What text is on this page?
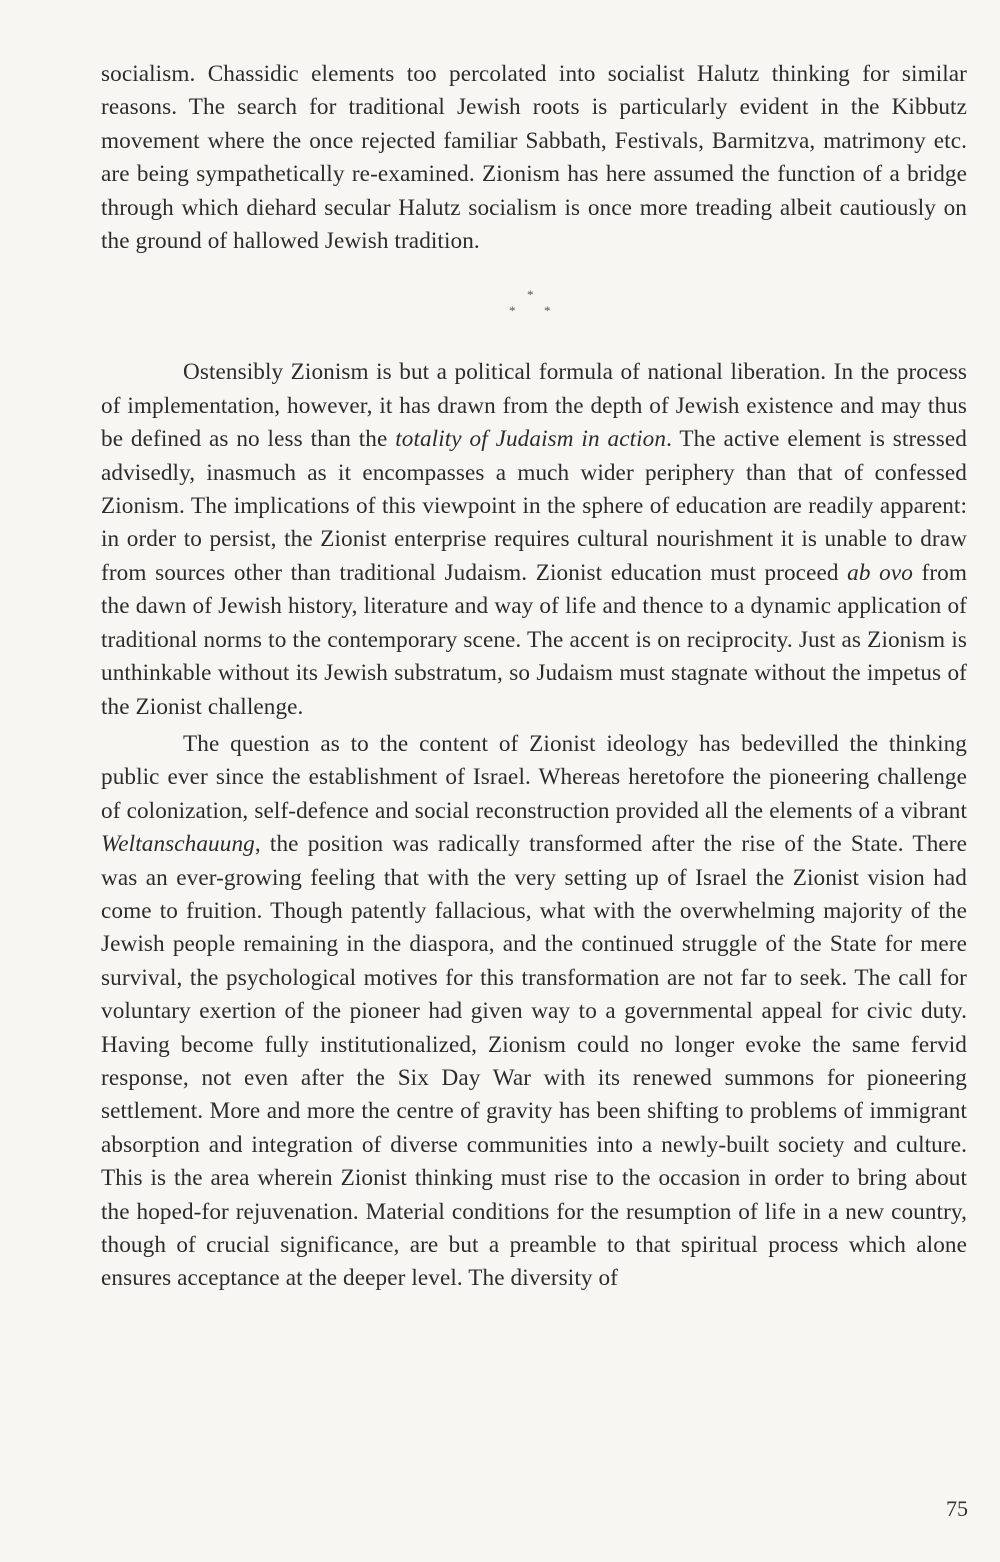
socialism. Chassidic elements too percolated into socialist Halutz thinking for similar reasons. The search for traditional Jewish roots is particularly evident in the Kibbutz movement where the once rejected familiar Sabbath, Festivals, Barmitzva, matrimony etc. are being sympathetically re-examined. Zionism has here assumed the function of a bridge through which diehard secular Halutz socialism is once more treading albeit cautiously on the ground of hallowed Jewish tradition.

*
* *

Ostensibly Zionism is but a political formula of national liberation. In the process of implementation, however, it has drawn from the depth of Jewish existence and may thus be defined as no less than the totality of Judaism in action. The active element is stressed advisedly, inasmuch as it encompasses a much wider periphery than that of confessed Zionism. The implications of this viewpoint in the sphere of education are readily apparent: in order to persist, the Zionist enterprise requires cultural nourishment it is unable to draw from sources other than traditional Judaism. Zionist education must proceed ab ovo from the dawn of Jewish history, literature and way of life and thence to a dynamic application of traditional norms to the contemporary scene. The accent is on reciprocity. Just as Zionism is unthinkable without its Jewish substratum, so Judaism must stagnate without the impetus of the Zionist challenge.

The question as to the content of Zionist ideology has bedevilled the thinking public ever since the establishment of Israel. Whereas heretofore the pioneering challenge of colonization, self-defence and social reconstruction provided all the elements of a vibrant Weltanschauung, the position was radically transformed after the rise of the State. There was an ever-growing feeling that with the very setting up of Israel the Zionist vision had come to fruition. Though patently fallacious, what with the overwhelming majority of the Jewish people remaining in the diaspora, and the continued struggle of the State for mere survival, the psychological motives for this transformation are not far to seek. The call for voluntary exertion of the pioneer had given way to a governmental appeal for civic duty. Having become fully institutionalized, Zionism could no longer evoke the same fervid response, not even after the Six Day War with its renewed summons for pioneering settlement. More and more the centre of gravity has been shifting to problems of immigrant absorption and integration of diverse communities into a newly-built society and culture. This is the area wherein Zionist thinking must rise to the occasion in order to bring about the hoped-for rejuvenation. Material conditions for the resumption of life in a new country, though of crucial significance, are but a preamble to that spiritual process which alone ensures acceptance at the deeper level. The diversity of

75
